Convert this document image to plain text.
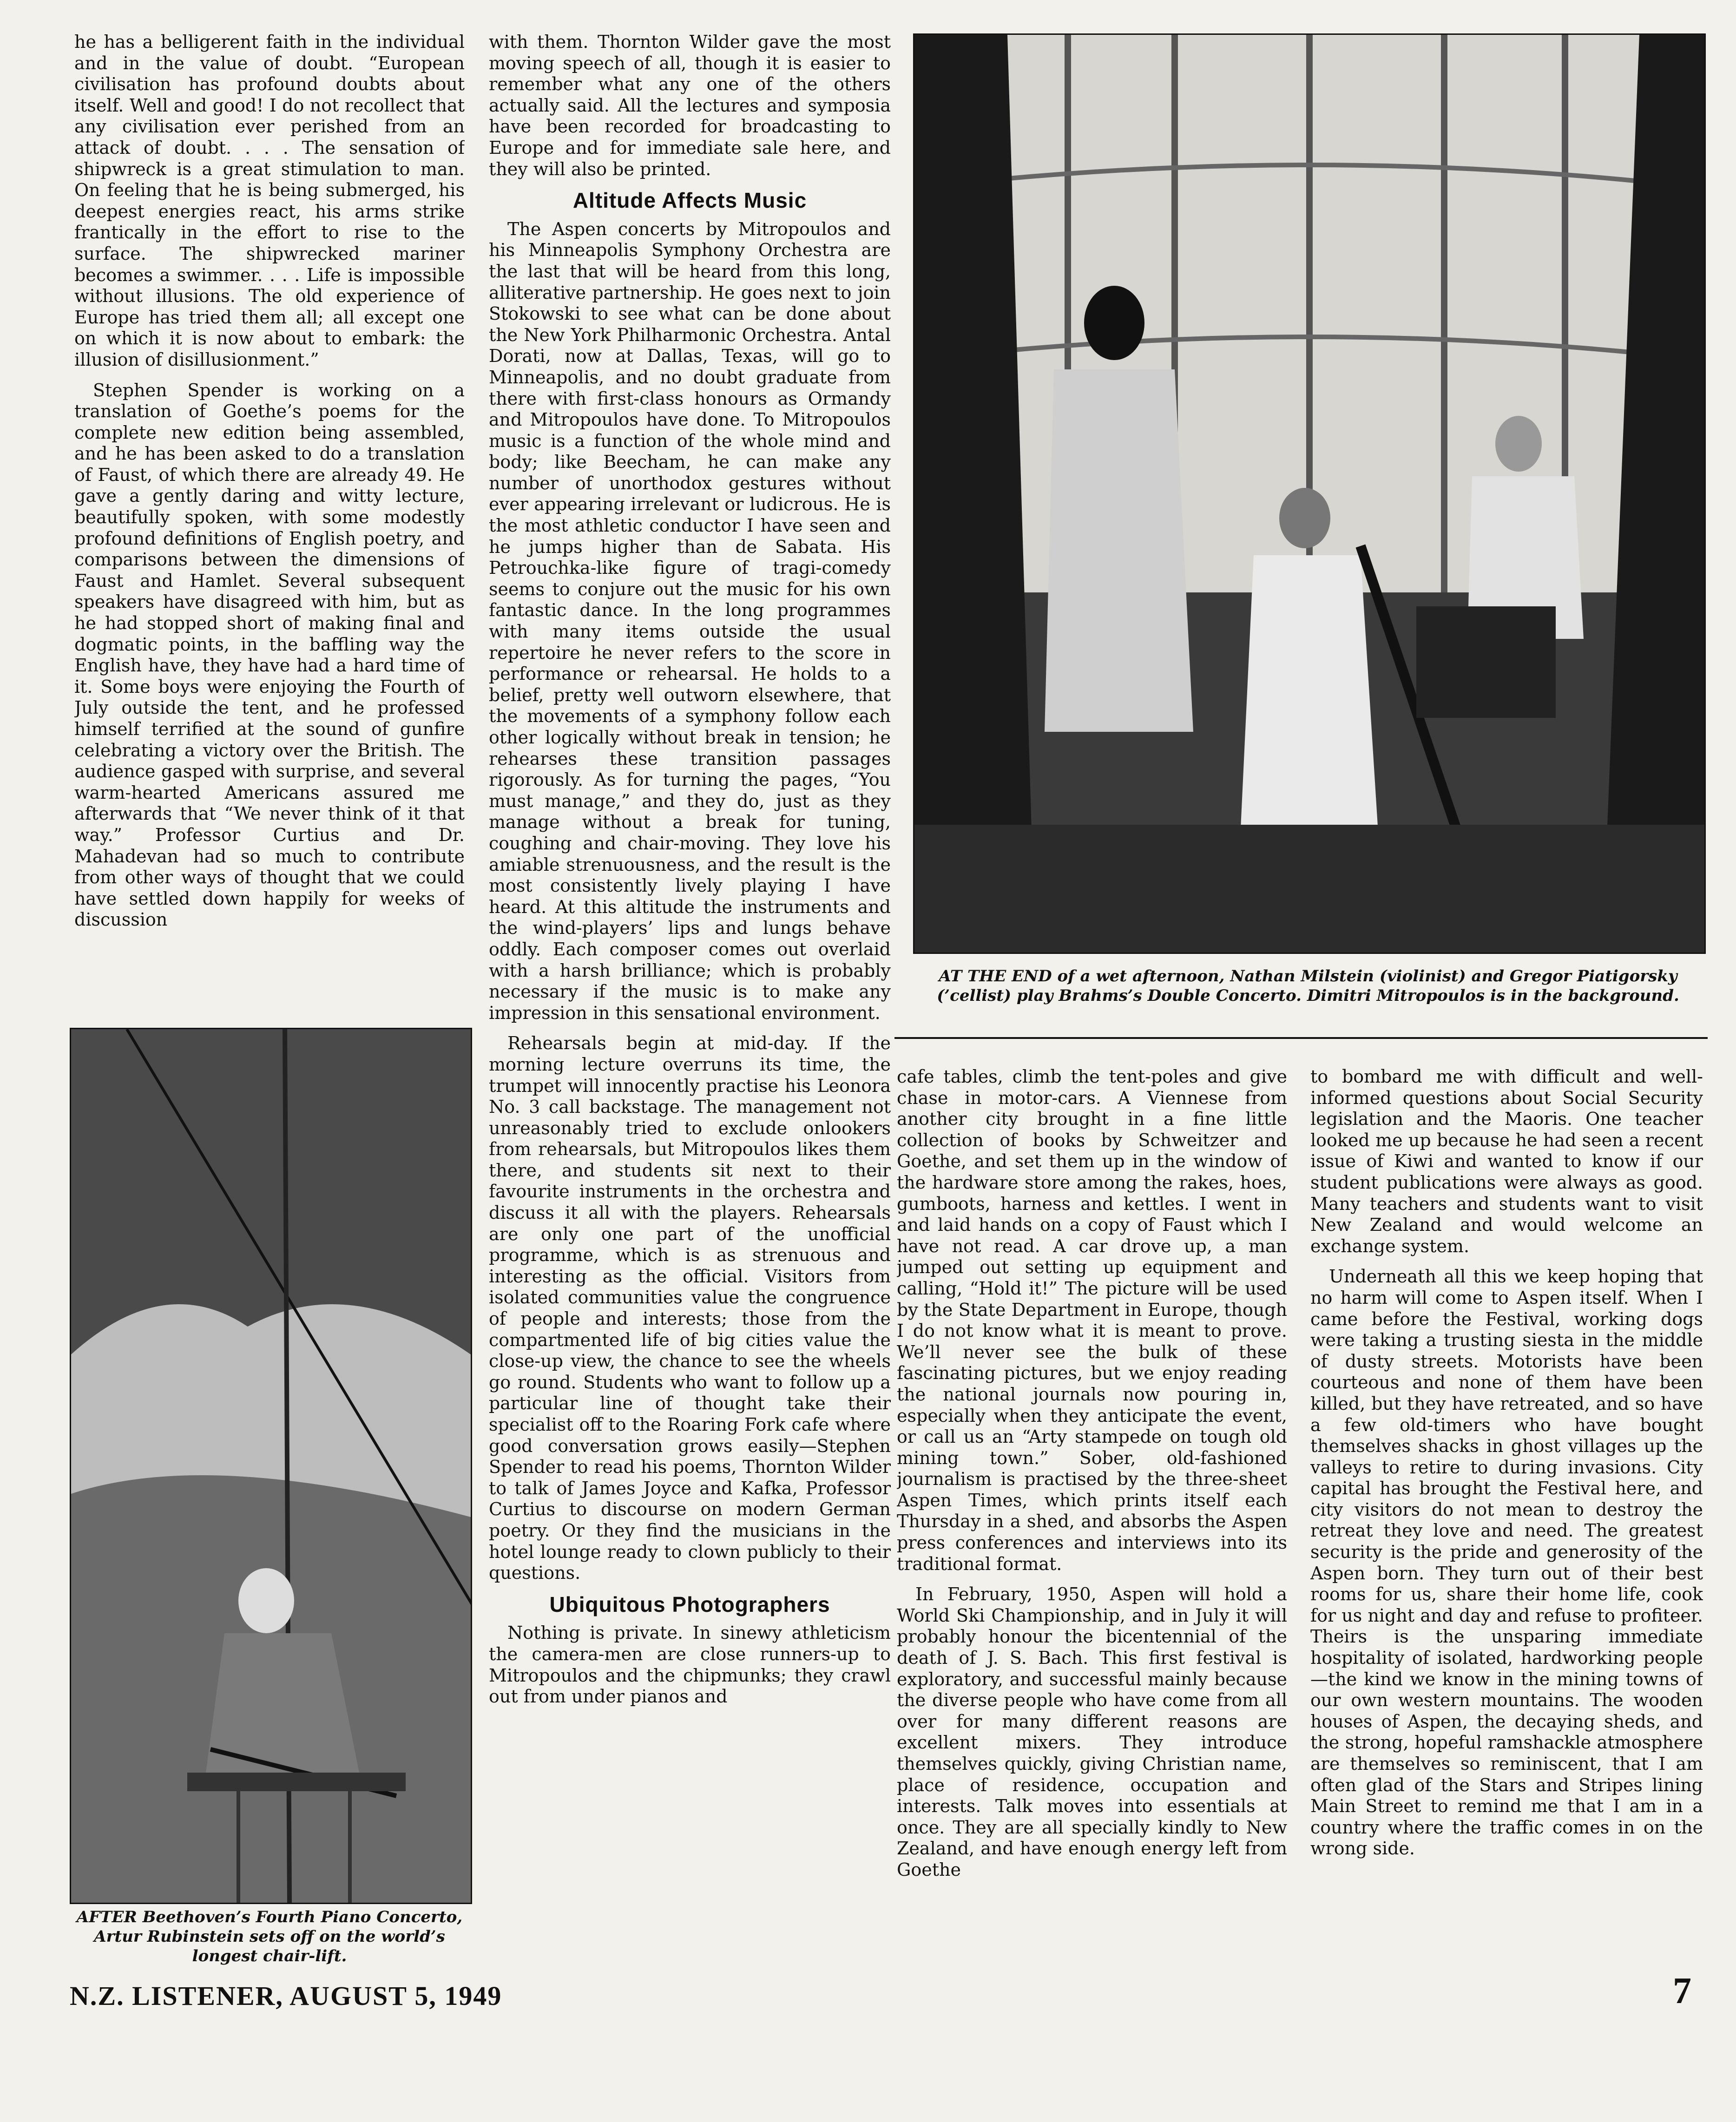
he has a belligerent faith in the individual and in the value of doubt. “European civilisation has profound doubts about itself. Well and good! I do not recollect that any civilisation ever perished from an attack of doubt. . . . The sensation of shipwreck is a great stimulation to man. On feeling that he is being submerged, his deepest energies react, his arms strike frantically in the effort to rise to the surface. The shipwrecked mariner becomes a swimmer. . . . Life is impossible without illusions. The old experience of Europe has tried them all; all except one on which it is now about to embark: the illusion of disillusionment.”

Stephen Spender is working on a translation of Goethe’s poems for the complete new edition being assembled, and he has been asked to do a translation of Faust, of which there are already 49. He gave a gently daring and witty lecture, beautifully spoken, with some modestly profound definitions of English poetry, and comparisons between the dimensions of Faust and Hamlet. Several subsequent speakers have disagreed with him, but as he had stopped short of making final and dogmatic points, in the baffling way the English have, they have had a hard time of it. Some boys were enjoying the Fourth of July outside the tent, and he professed himself terrified at the sound of gunfire celebrating a victory over the British. The audience gasped with surprise, and several warm-hearted Americans assured me afterwards that “We never think of it that way.” Professor Curtius and Dr. Mahadevan had so much to contribute from other ways of thought that we could have settled down happily for weeks of discussion

with them. Thornton Wilder gave the most moving speech of all, though it is easier to remember what any one of the others actually said. All the lectures and symposia have been recorded for broadcasting to Europe and for immediate sale here, and they will also be printed.

Altitude Affects Music

The Aspen concerts by Mitropoulos and his Minneapolis Symphony Orchestra are the last that will be heard from this long, alliterative partnership. He goes next to join Stokowski to see what can be done about the New York Philharmonic Orchestra. Antal Dorati, now at Dallas, Texas, will go to Minneapolis, and no doubt graduate from there with first-class honours as Ormandy and Mitropoulos have done. To Mitropoulos music is a function of the whole mind and body; like Beecham, he can make any number of unorthodox gestures without ever appearing irrelevant or ludicrous. He is the most athletic conductor I have seen and he jumps higher than de Sabata. His Petrouchka-like figure of tragi-comedy seems to conjure out the music for his own fantastic dance. In the long programmes with many items outside the usual repertoire he never refers to the score in performance or rehearsal. He holds to a belief, pretty well outworn elsewhere, that the movements of a symphony follow each other logically without break in tension; he rehearses these transition passages rigorously. As for turning the pages, “You must manage,” and they do, just as they manage without a break for tuning, coughing and chair-moving. They love his amiable strenuousness, and the result is the most consistently lively playing I have heard. At this altitude the instruments and the wind-players’ lips and lungs behave oddly. Each composer comes out overlaid with a harsh brilliance; which is probably necessary if the music is to make any impression in this sensational environment.

Rehearsals begin at mid-day. If the morning lecture overruns its time, the trumpet will innocently practise his Leonora No. 3 call backstage. The management not unreasonably tried to exclude onlookers from rehearsals, but Mitropoulos likes them there, and students sit next to their favourite instruments in the orchestra and discuss it all with the players. Rehearsals are only one part of the unofficial programme, which is as strenuous and interesting as the official. Visitors from isolated communities value the congruence of people and interests; those from the compartmented life of big cities value the close-up view, the chance to see the wheels go round. Students who want to follow up a particular line of thought take their specialist off to the Roaring Fork cafe where good conversation grows easily—Stephen Spender to read his poems, Thornton Wilder to talk of James Joyce and Kafka, Professor Curtius to discourse on modern German poetry. Or they find the musicians in the hotel lounge ready to clown publicly to their questions.

Ubiquitous Photographers

Nothing is private. In sinewy athleticism the camera-men are close runners-up to Mitropoulos and the chipmunks; they crawl out from under pianos and

AT THE END of a wet afternoon, Nathan Milstein (violinist) and Gregor Piatigorsky (’cellist) play Brahms’s Double Concerto. Dimitri Mitropoulos is in the background.
AFTER Beethoven’s Fourth Piano Concerto, Artur Rubinstein sets off on the world’s longest chair-lift.

cafe tables, climb the tent-poles and give chase in motor-cars. A Viennese from another city brought in a fine little collection of books by Schweitzer and Goethe, and set them up in the window of the hardware store among the rakes, hoes, gumboots, harness and kettles. I went in and laid hands on a copy of Faust which I have not read. A car drove up, a man jumped out setting up equipment and calling, “Hold it!” The picture will be used by the State Department in Europe, though I do not know what it is meant to prove. We’ll never see the bulk of these fascinating pictures, but we enjoy reading the national journals now pouring in, especially when they anticipate the event, or call us an “Arty stampede on tough old mining town.” Sober, old-fashioned journalism is practised by the three-sheet Aspen Times, which prints itself each Thursday in a shed, and absorbs the Aspen press conferences and interviews into its traditional format.

In February, 1950, Aspen will hold a World Ski Championship, and in July it will probably honour the bicentennial of the death of J. S. Bach. This first festival is exploratory, and successful mainly because the diverse people who have come from all over for many different reasons are excellent mixers. They introduce themselves quickly, giving Christian name, place of residence, occupation and interests. Talk moves into essentials at once. They are all specially kindly to New Zealand, and have enough energy left from Goethe

to bombard me with difficult and well-informed questions about Social Security legislation and the Maoris. One teacher looked me up because he had seen a recent issue of Kiwi and wanted to know if our student publications were always as good. Many teachers and students want to visit New Zealand and would welcome an exchange system.

Underneath all this we keep hoping that no harm will come to Aspen itself. When I came before the Festival, working dogs were taking a trusting siesta in the middle of dusty streets. Motorists have been courteous and none of them have been killed, but they have retreated, and so have a few old-timers who have bought themselves shacks in ghost villages up the valleys to retire to during invasions. City capital has brought the Festival here, and city visitors do not mean to destroy the retreat they love and need. The greatest security is the pride and generosity of the Aspen born. They turn out of their best rooms for us, share their home life, cook for us night and day and refuse to profiteer. Theirs is the unsparing immediate hospitality of isolated, hardworking people—the kind we know in the mining towns of our own western mountains. The wooden houses of Aspen, the decaying sheds, and the strong, hopeful ramshackle atmosphere are themselves so reminiscent, that I am often glad of the Stars and Stripes lining Main Street to remind me that I am in a country where the traffic comes in on the wrong side.

N.Z. LISTENER, AUGUST 5, 1949	7
